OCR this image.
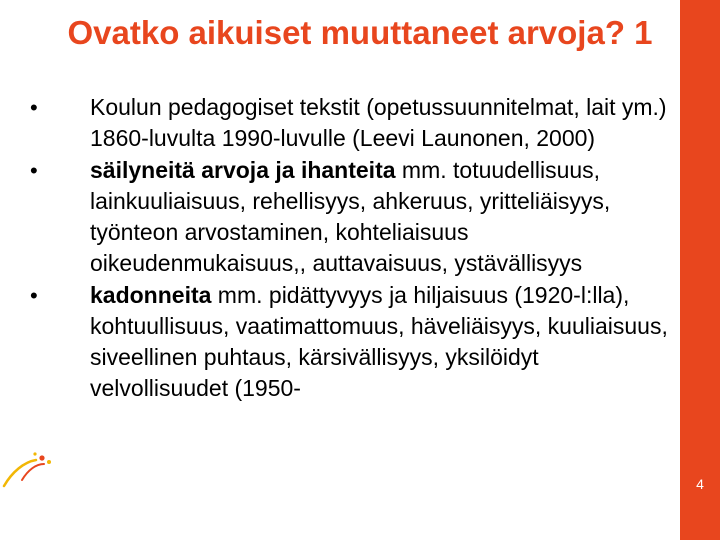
4
Ovatko aikuiset muuttaneet arvoja? 1
• Koulun pedagogiset tekstit (opetussuunnitelmat, lait ym.) 1860-luvulta 1990-luvulle (Leevi Launonen, 2000)
• säilyneitä arvoja ja ihanteita mm. totuudellisuus, lainkuuliaisuus, rehellisyys, ahkeruus, yritteliäisyys, työnteon arvostaminen, kohteliaisuus oikeudenmukaisuus,, auttavaisuus, ystävällisyys
• kadonneita mm. pidättyvyys ja hiljaisuus (1920-l:lla), kohtuullisuus, vaatimattomuus, häveliäisyys, kuuliaisuus, siveellinen puhtaus, kärsivällisyys, yksilöidyt velvollisuudet (1950-
